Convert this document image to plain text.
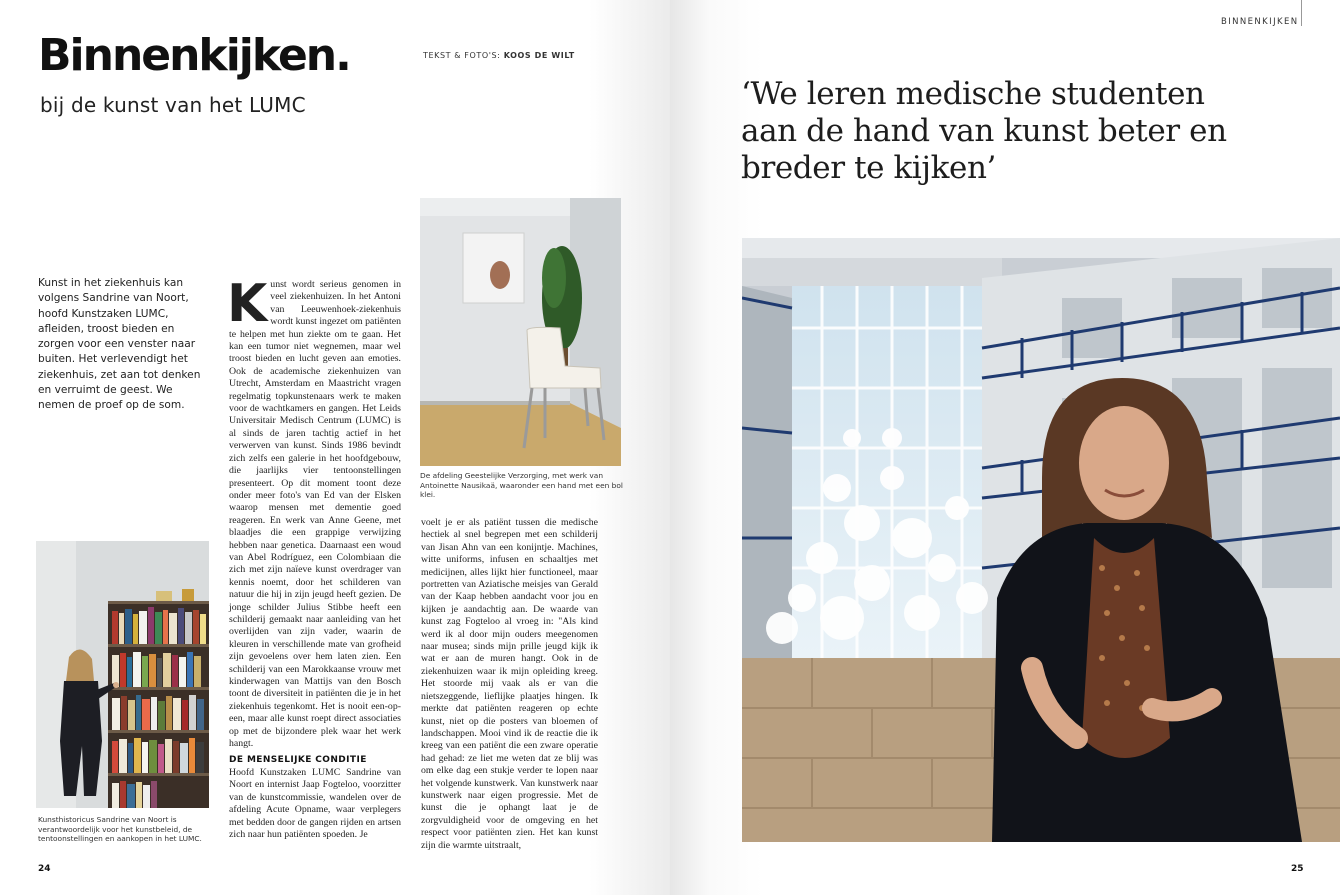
Binnenkijken.
bij de kunst van het LUMC
TEKST & FOTO'S: KOOS DE WILT
Kunst in het ziekenhuis kan volgens Sandrine van Noort, hoofd Kunstzaken LUMC, afleiden, troost bieden en zorgen voor een venster naar buiten. Het verlevendigt het ziekenhuis, zet aan tot denken en verruimt de geest. We nemen de proef op de som.
K unst wordt serieus genomen in veel ziekenhuizen. In het Antoni van Leeuwenhoek-ziekenhuis wordt kunst ingezet om patiënten te helpen met hun ziekte om te gaan. Het kan een tumor niet wegnemen, maar wel troost bieden en lucht geven aan emoties. Ook de academische ziekenhuizen van Utrecht, Amsterdam en Maastricht vragen regelmatig topkunstenaars werk te maken voor de wachtkamers en gangen. Het Leids Universitair Medisch Centrum (LUMC) is al sinds de jaren tachtig actief in het verwerven van kunst. Sinds 1986 bevindt zich zelfs een galerie in het hoofdgebouw, die jaarlijks vier tentoonstellingen presenteert. Op dit moment toont deze onder meer foto's van Ed van der Elsken waarop mensen met dementie goed reageren. En werk van Anne Geene, met blaadjes die een grappige verwijzing hebben naar genetica. Daarnaast een woud van Abel Rodríguez, een Colombiaan die zich met zijn naïeve kunst overdrager van kennis noemt, door het schilderen van natuur die hij in zijn jeugd heeft gezien. De jonge schilder Julius Stibbe heeft een schilderij gemaakt naar aanleiding van het overlijden van zijn vader, waarin de kleuren in verschillende mate van grofheid zijn gevoelens over hem laten zien. Een schilderij van een Marokkaanse vrouw met kinderwagen van Mattijs van den Bosch toont de diversiteit in patiënten die je in het ziekenhuis tegenkomt. Het is nooit een-op-een, maar alle kunst roept direct associaties op met de bijzondere plek waar het werk hangt.
DE MENSELIJKE CONDITIE
Hoofd Kunstzaken LUMC Sandrine van Noort en internist Jaap Fogteloo, voorzitter van de kunstcommissie, wandelen over de afdeling Acute Opname, waar verplegers met bedden door de gangen rijden en artsen zich naar hun patiënten spoeden. Je
voelt je er als patiënt tussen die medische hectiek al snel begrepen met een schilderij van Jisan Ahn van een konijntje. Machines, witte uniforms, infusen en schaaltjes met medicijnen, alles lijkt hier functioneel, maar portretten van Aziatische meisjes van Gerald van der Kaap hebben aandacht voor jou en kijken je aandachtig aan. De waarde van kunst zag Fogteloo al vroeg in: "Als kind werd ik al door mijn ouders meegenomen naar musea; sinds mijn prille jeugd kijk ik wat er aan de muren hangt. Ook in de ziekenhuizen waar ik mijn opleiding kreeg. Het stoorde mij vaak als er van die nietszeggende, lieflijke plaatjes hingen. Ik merkte dat patiënten reageren op echte kunst, niet op die posters van bloemen of landschappen. Mooi vind ik de reactie die ik kreeg van een patiënt die een zware operatie had gehad: ze liet me weten dat ze blij was om elke dag een stukje verder te lopen naar het volgende kunstwerk. Van kunstwerk naar kunstwerk naar eigen progressie. Met de kunst die je ophangt laat je de zorgvuldigheid voor de omgeving en het respect voor patiënten zien. Het kan kunst zijn die warmte uitstraalt,
De afdeling Geestelijke Verzorging, met werk van Antoinette Nausikaä, waaronder een hand met een bol klei.
Kunsthistoricus Sandrine van Noort is verantwoordelijk voor het kunstbeleid, de tentoonstellingen en aankopen in het LUMC.
24
BINNENKIJKEN
‘We leren medische studenten aan de hand van kunst beter en breder te kijken’
25
